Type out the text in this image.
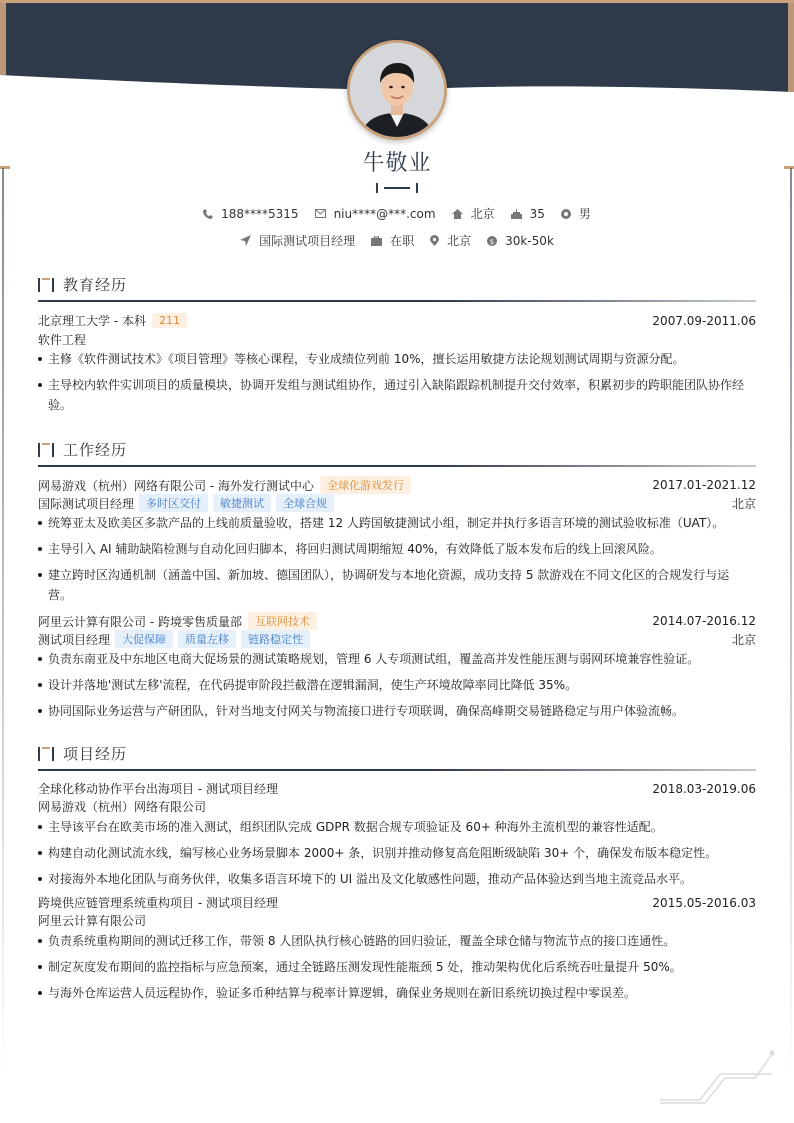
牛敬业
188****5315	niu****@***.com	北京	35	男
国际测试项目经理	在职	北京	$ 30k-50k
教育经历
北京理工大学 - 本科	211	2007.09-2011.06
软件工程
主修《软件测试技术》《项目管理》等核心课程，专业成绩位列前 10%，擅长运用敏捷方法论规划测试周期与资源分配。
主导校内软件实训项目的质量模块，协调开发组与测试组协作，通过引入缺陷跟踪机制提升交付效率，积累初步的跨职能团队协作经
验。
工作经历
网易游戏（杭州）网络有限公司 - 海外发行测试中心	全球化游戏发行	2017.01-2021.12
国际测试项目经理	多时区交付	敏捷测试	全球合规	北京
统筹亚太及欧美区多款产品的上线前质量验收，搭建 12 人跨国敏捷测试小组，制定并执行多语言环境的测试验收标准（UAT）。
主导引入 AI 辅助缺陷检测与自动化回归脚本，将回归测试周期缩短 40%，有效降低了版本发布后的线上回滚风险。
建立跨时区沟通机制（涵盖中国、新加坡、德国团队），协调研发与本地化资源，成功支持 5 款游戏在不同文化区的合规发行与运
营。
阿里云计算有限公司 - 跨境零售质量部	互联网技术	2014.07-2016.12
测试项目经理	大促保障	质量左移	链路稳定性	北京
负责东南亚及中东地区电商大促场景的测试策略规划，管理 6 人专项测试组，覆盖高并发性能压测与弱网环境兼容性验证。
设计并落地'测试左移'流程，在代码提审阶段拦截潜在逻辑漏洞，使生产环境故障率同比降低 35%。
协同国际业务运营与产研团队，针对当地支付网关与物流接口进行专项联调，确保高峰期交易链路稳定与用户体验流畅。
项目经历
全球化移动协作平台出海项目 - 测试项目经理	2018.03-2019.06
网易游戏（杭州）网络有限公司
主导该平台在欧美市场的准入测试，组织团队完成 GDPR 数据合规专项验证及 60+ 种海外主流机型的兼容性适配。
构建自动化测试流水线，编写核心业务场景脚本 2000+ 条，识别并推动修复高危阻断级缺陷 30+ 个，确保发布版本稳定性。
对接海外本地化团队与商务伙伴，收集多语言环境下的 UI 溢出及文化敏感性问题，推动产品体验达到当地主流竞品水平。
跨境供应链管理系统重构项目 - 测试项目经理	2015.05-2016.03
阿里云计算有限公司
负责系统重构期间的测试迁移工作，带领 8 人团队执行核心链路的回归验证，覆盖全球仓储与物流节点的接口连通性。
制定灰度发布期间的监控指标与应急预案，通过全链路压测发现性能瓶颈 5 处，推动架构优化后系统吞吐量提升 50%。
与海外仓库运营人员远程协作，验证多币种结算与税率计算逻辑，确保业务规则在新旧系统切换过程中零误差。
